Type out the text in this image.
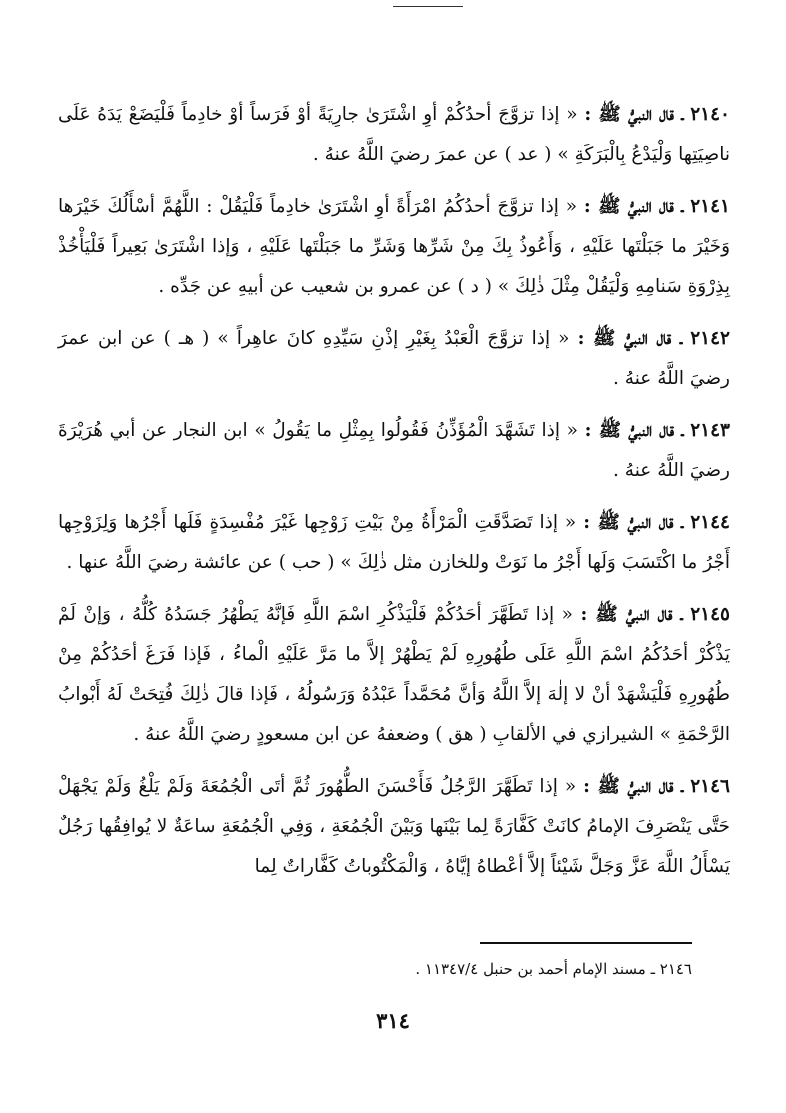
٢١٤٠ ـ قال النبيُّ ﷺ : « إذا تزوَّجَ أحدُكُمْ أوِ اشْتَرَىٰ جارِيَةً أوْ فَرَساً أوْ خادِماً فَلْيَضَعْ يَدَهُ عَلَى ناصِيَتِها وَلْيَدْعُ بِالْبَرَكَةِ » ( عد ) عن عمرَ رضيَ اللَّهُ عنهُ .

٢١٤١ ـ قال النبيُّ ﷺ : « إذا تزوَّجَ أحدُكُمُ امْرَأَةً أوِ اشْتَرَىٰ خادِماً فَلْيَقُلْ : اللَّهُمَّ أسْأَلُكَ خَيْرَها وَخَيْرَ ما جَبَلْتَها عَلَيْهِ ، وَأَعُوذُ بِكَ مِنْ شَرِّها وَشَرِّ ما جَبَلْتَها عَلَيْهِ ، وَإذا اشْتَرَىٰ بَعِيراً فَلْيَأْخُذْ بِذِرْوَةِ سَنامِهِ وَلْيَقُلْ مِثْلَ ذٰلِكَ » ( د ) عن عمرو بن شعيب عن أبيهِ عن جَدِّه .

٢١٤٢ ـ قال النبيُّ ﷺ : « إذا تزوَّجَ الْعَبْدُ بِغَيْرِ إذْنِ سَيِّدِهِ كانَ عاهِراً » ( هـ ) عن ابن عمرَ رضيَ اللَّهُ عنهُ .

٢١٤٣ ـ قال النبيُّ ﷺ : « إذا تَشَهَّدَ الْمُؤَذِّنُ فَقُولُوا بِمِثْلِ ما يَقُولُ » ابن النجار عن أبي هُرَيْرَةَ رضيَ اللَّهُ عنهُ .

٢١٤٤ ـ قال النبيُّ ﷺ : « إذا تَصَدَّقَتِ الْمَرْأَةُ مِنْ بَيْتِ زَوْجِها غَيْرَ مُفْسِدَةٍ فَلَها أَجْرُها وَلِزَوْجِها أَجْرُ ما اكْتَسَبَ وَلَها أَجْرُ ما نَوَتْ وللخازن مثل ذٰلِكَ » ( حب ) عن عائشة رضيَ اللَّهُ عنها .

٢١٤٥ ـ قال النبيُّ ﷺ : « إذا تَطَهَّرَ أحَدُكُمْ فَلْيَذْكُرِ اسْمَ اللَّهِ فَإنَّهُ يَطْهُرُ جَسَدُهُ كُلُّهُ ، وَإنْ لَمْ يَذْكُرْ أحَدُكُمُ اسْمَ اللَّهِ عَلَى طُهُورِهِ لَمْ يَطْهُرْ إلاَّ ما مَرَّ عَلَيْهِ الْماءُ ، فَإذا فَرَغَ أحَدُكُمْ مِنْ طُهُورِهِ فَلْيَشْهَدْ أنْ لا إلٰهَ إلاَّ اللَّهُ وَأنَّ مُحَمَّداً عَبْدُهُ وَرَسُولُهُ ، فَإذا قالَ ذٰلِكَ فُتِحَتْ لَهُ أَبْوابُ الرَّحْمَةِ » الشيرازي في الألقابِ ( هق ) وضعفهُ عن ابن مسعودٍ رضيَ اللَّهُ عنهُ .

٢١٤٦ ـ قال النبيُّ ﷺ : « إذا تَطَهَّرَ الرَّجُلُ فَأَحْسَنَ الطُّهُورَ ثُمَّ أتَى الْجُمُعَةَ وَلَمْ يَلْغُ وَلَمْ يَجْهَلْ حَتَّى يَنْصَرِفَ الإمامُ كانَتْ كَفَّارَةً لِما بَيْنَها وَبَيْنَ الْجُمُعَةِ ، وَفِي الْجُمُعَةِ ساعَةٌ لا يُوافِقُها رَجُلٌ يَسْأَلُ اللَّهَ عَزَّ وَجَلَّ شَيْئاً إلاَّ أعْطاهُ إيَّاهُ ، وَالْمَكْتُوباتُ كَفَّاراتٌ لِما

٢١٤٦ ـ مسند الإمام أحمد بن حنبل ١١٣٤٧/٤ .
٣١٤
